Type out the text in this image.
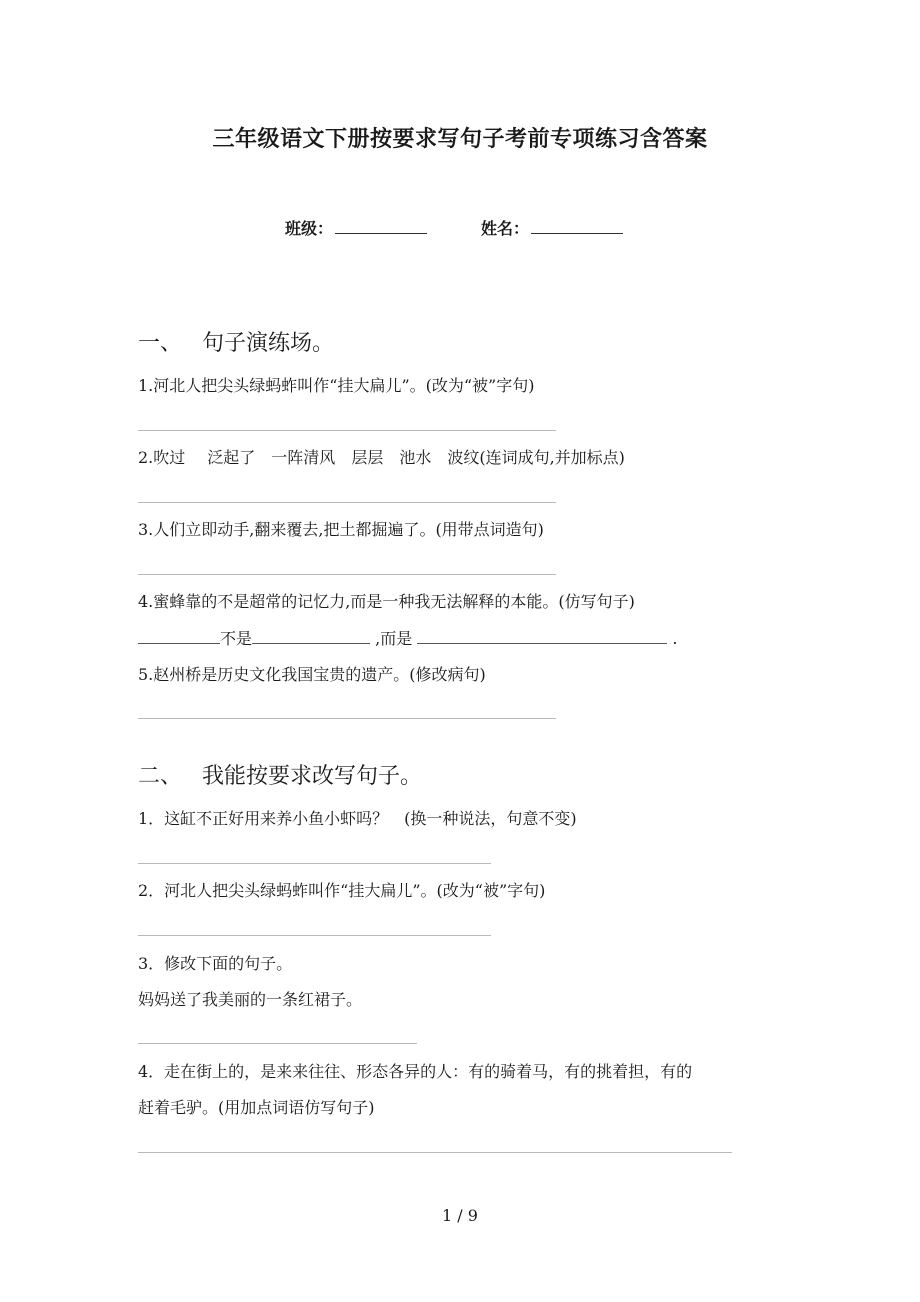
三年级语文下册按要求写句子考前专项练习含答案
班级：	姓名：
一、 句子演练场。
1.河北人把尖头绿蚂蚱叫作“挂大扁儿”。(改为“被”字句)
2.吹过 泛起了 一阵清风 层层 池水 波纹(连词成句,并加标点)
3.人们立即动手,翻来覆去,把土都掘遍了。(用带点词造句)
4.蜜蜂靠的不是超常的记忆力,而是一种我无法解释的本能。(仿写句子)
不是	,而是	.
5.赵州桥是历史文化我国宝贵的遗产。(修改病句)
二、 我能按要求改写句子。
1．这缸不正好用来养小鱼小虾吗？　(换一种说法，句意不变)
2．河北人把尖头绿蚂蚱叫作“挂大扁儿”。(改为“被”字句)
3．修改下面的句子。
妈妈送了我美丽的一条红裙子。
4．走在街上的，是来来往往、形态各异的人：有的骑着马，有的挑着担，有的
赶着毛驴。(用加点词语仿写句子)
1 / 9
